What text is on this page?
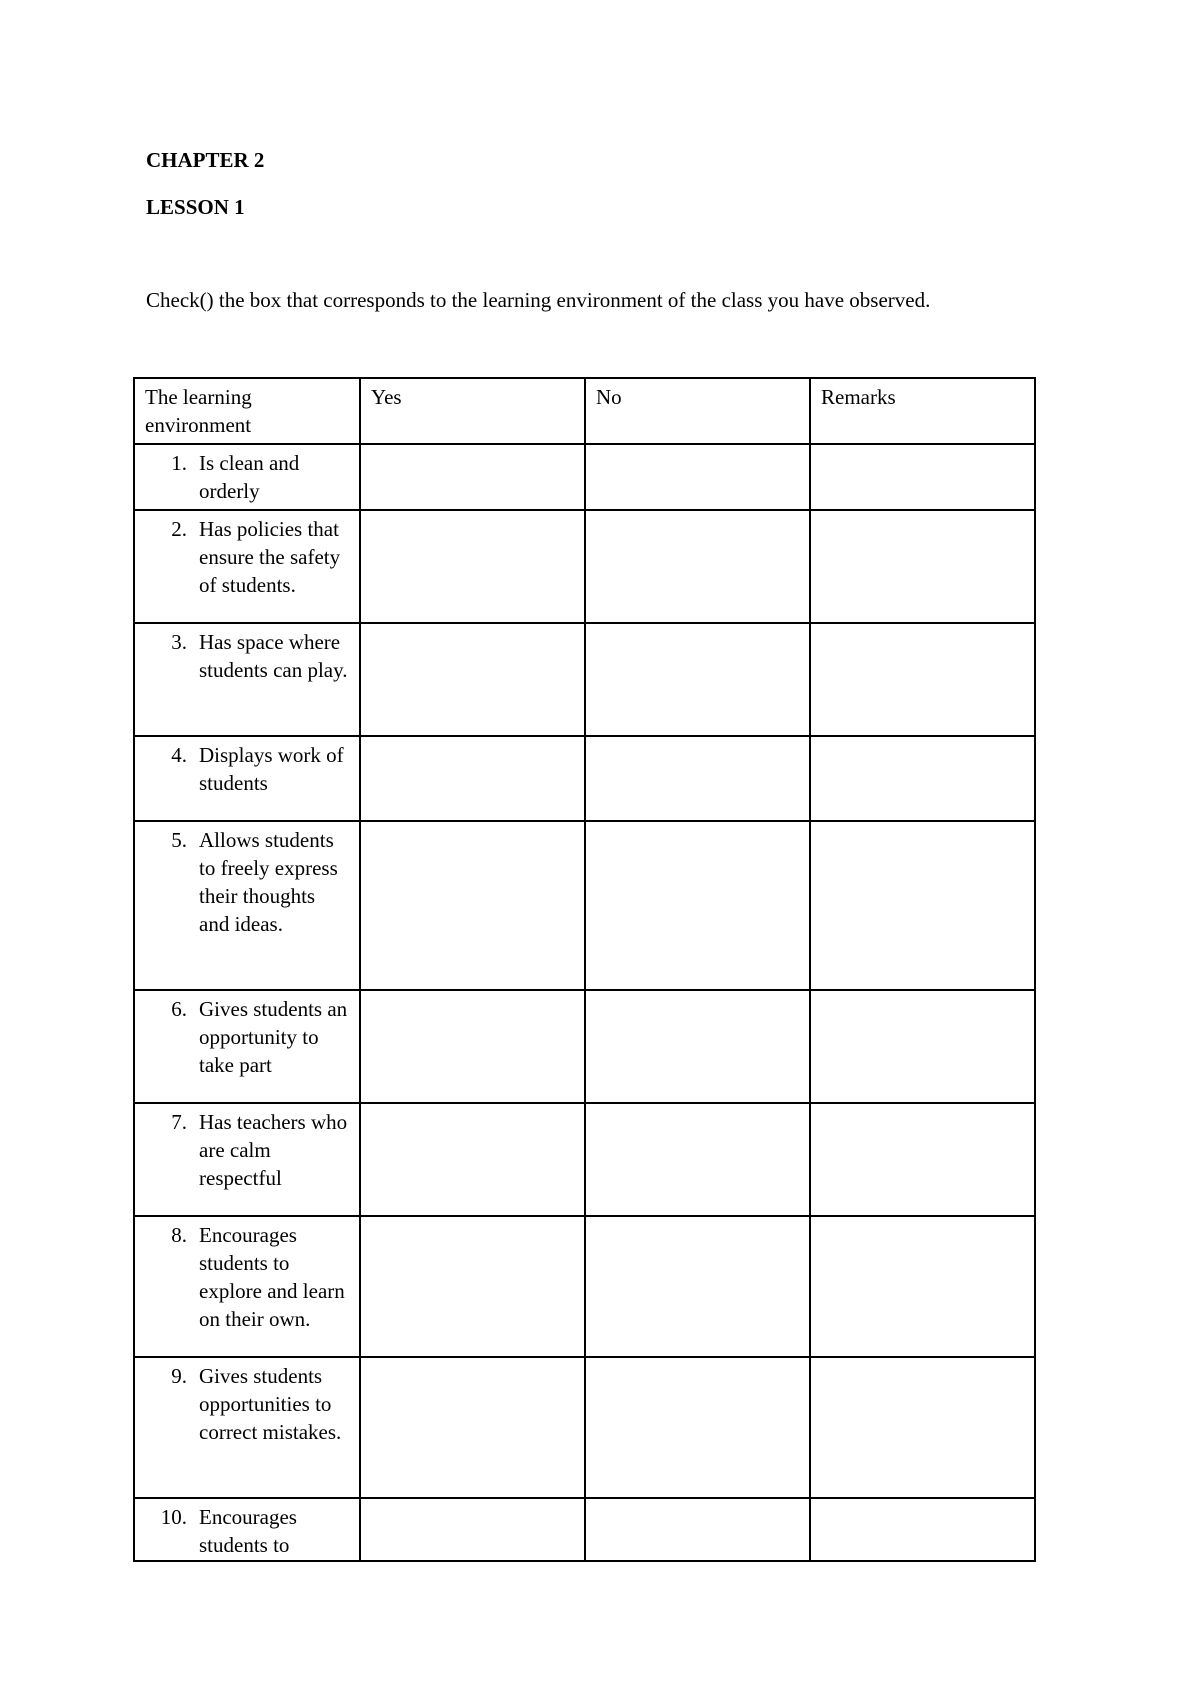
CHAPTER 2

LESSON 1

Check() the box that corresponds to the learning environment of the class you have observed.

The learning environment	Yes	No	Remarks

1. Is clean and orderly			

2. Has policies that ensure the safety of students.			

3. Has space where students can play.			

4. Displays work of students			

5. Allows students to freely express their thoughts and ideas.			

6. Gives students an opportunity to take part			

7. Has teachers who are calm respectful			

8. Encourages students to explore and learn on their own.			

9. Gives students opportunities to correct mistakes.			

10. Encourages students to			
